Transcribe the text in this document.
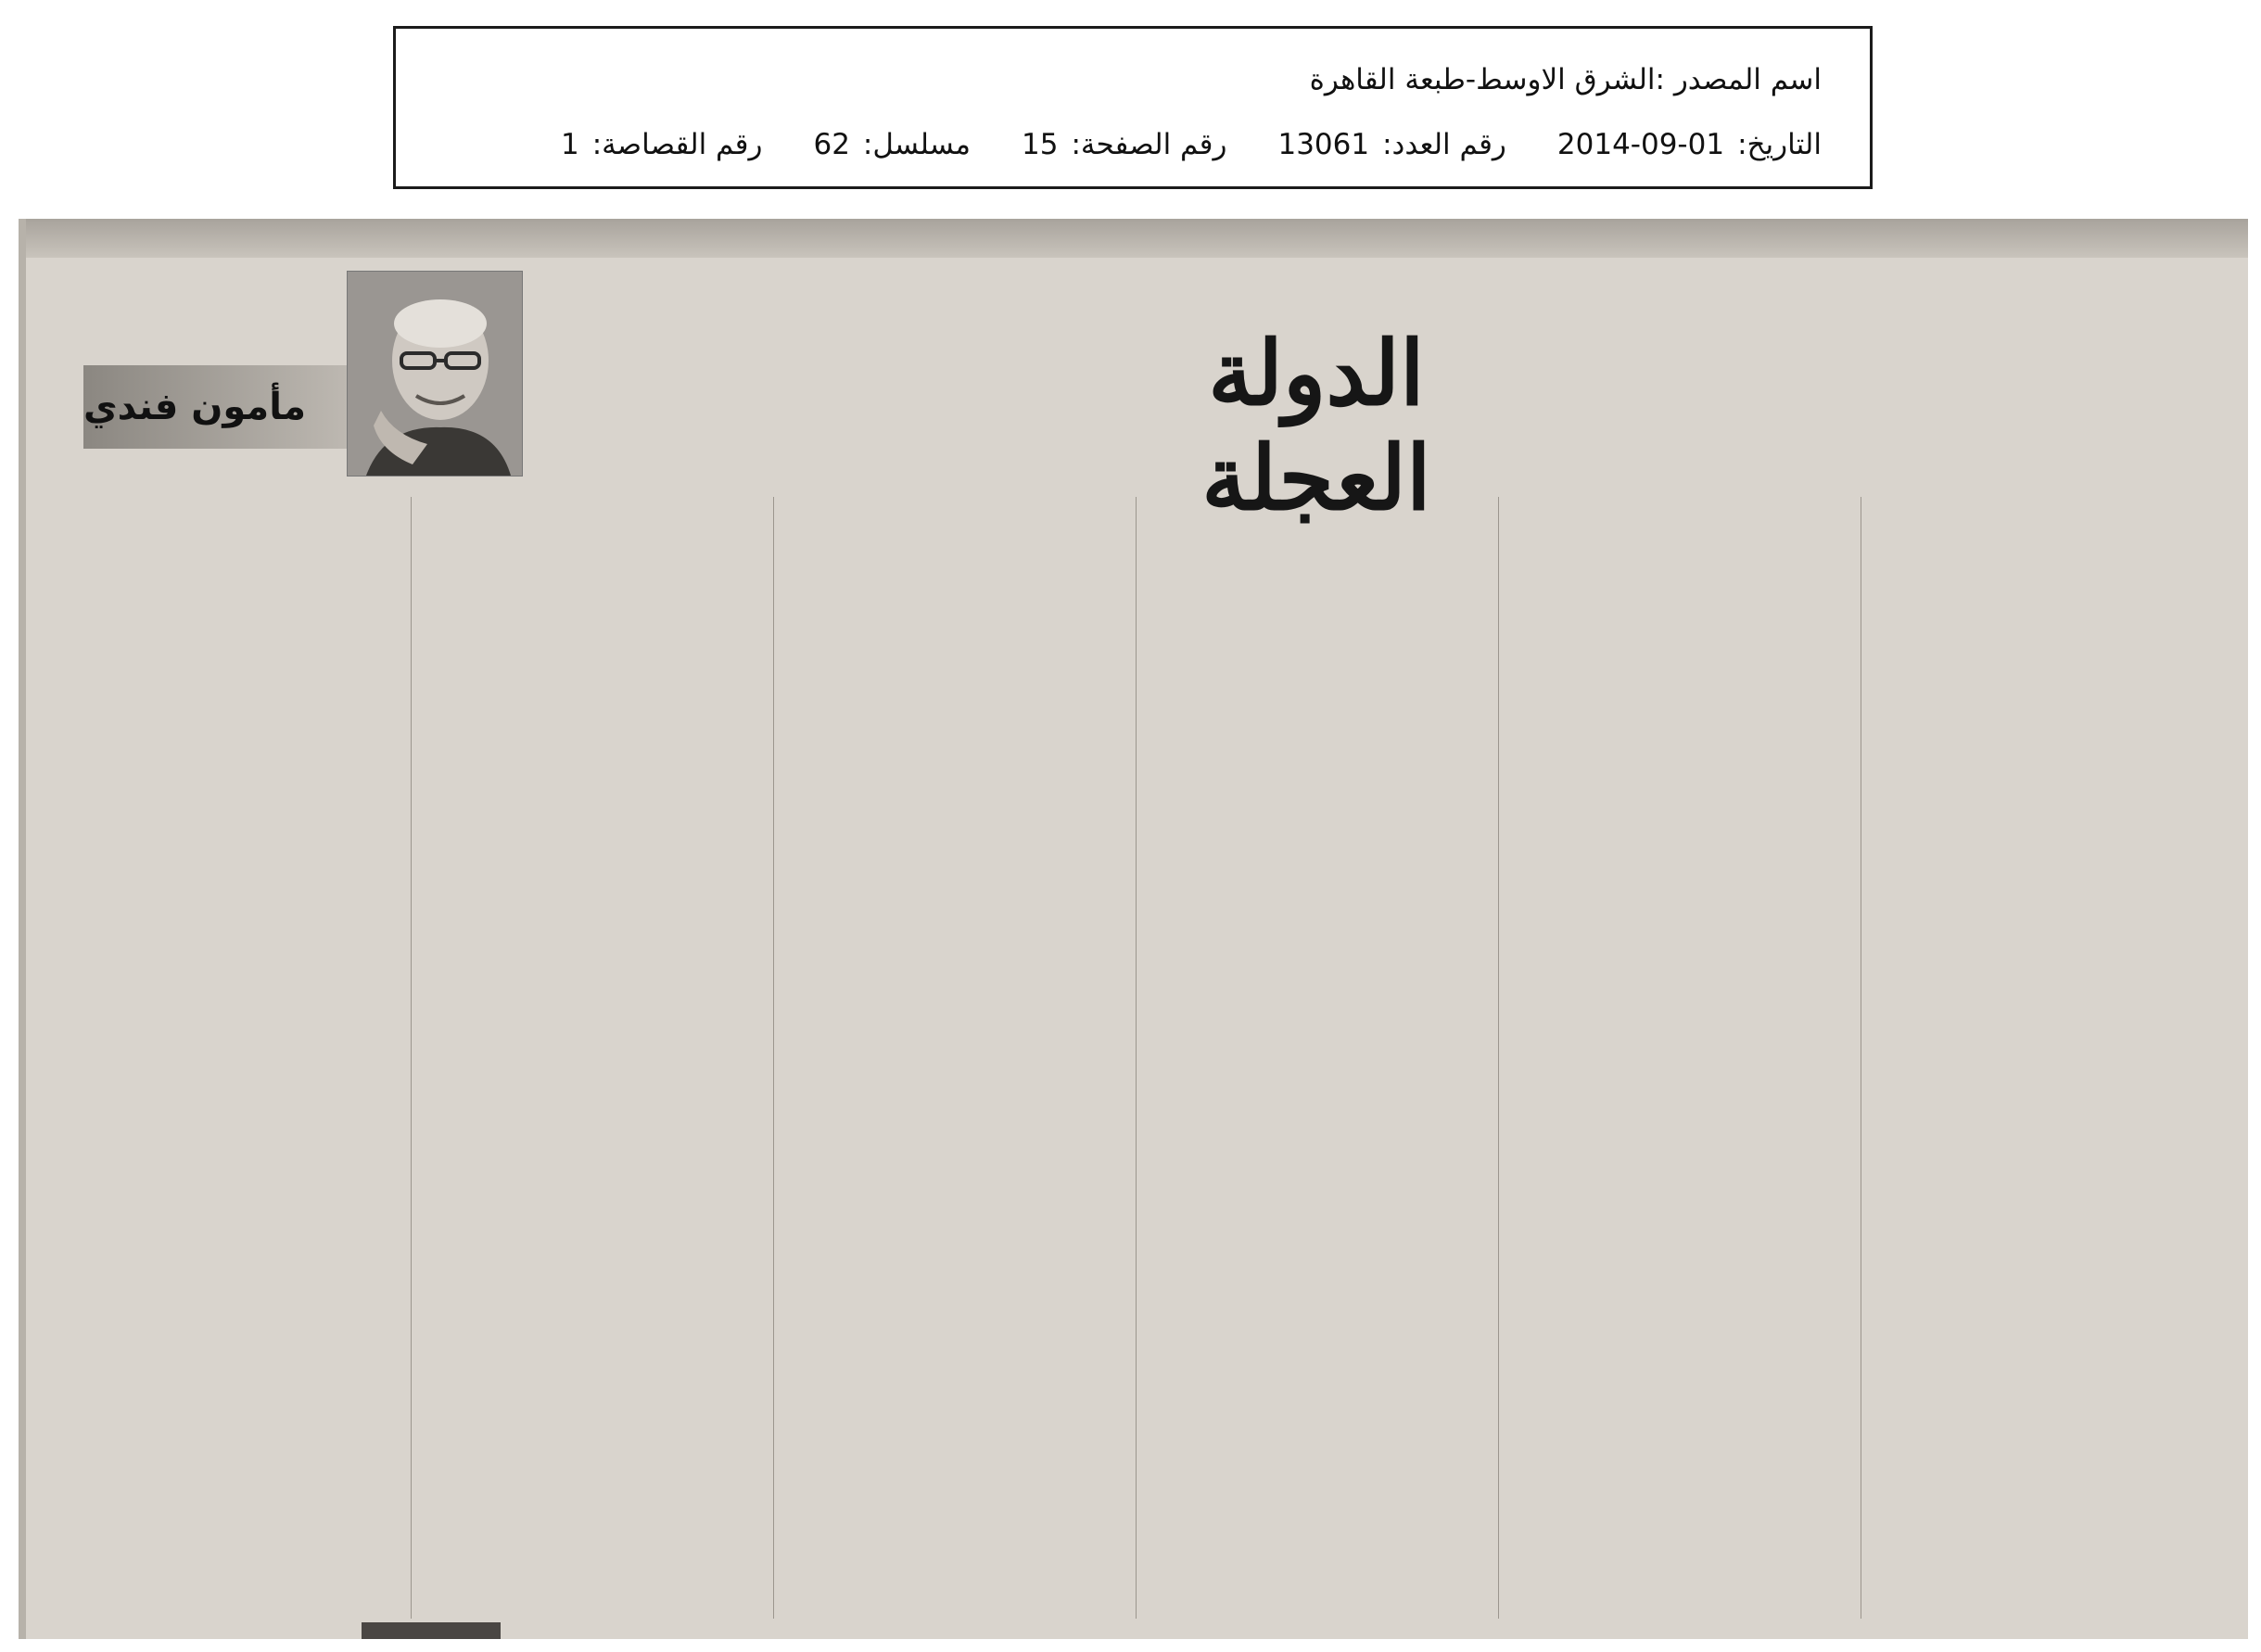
اسم المصدر :
الشرق الاوسط-طبعة القاهرة
التاريخ:
2014-09-01
رقم العدد:
13061
رقم الصفحة:
15
مسلسل:
62
رقم القصاصة:
1
الدولة العجلة
مأمون فندي
